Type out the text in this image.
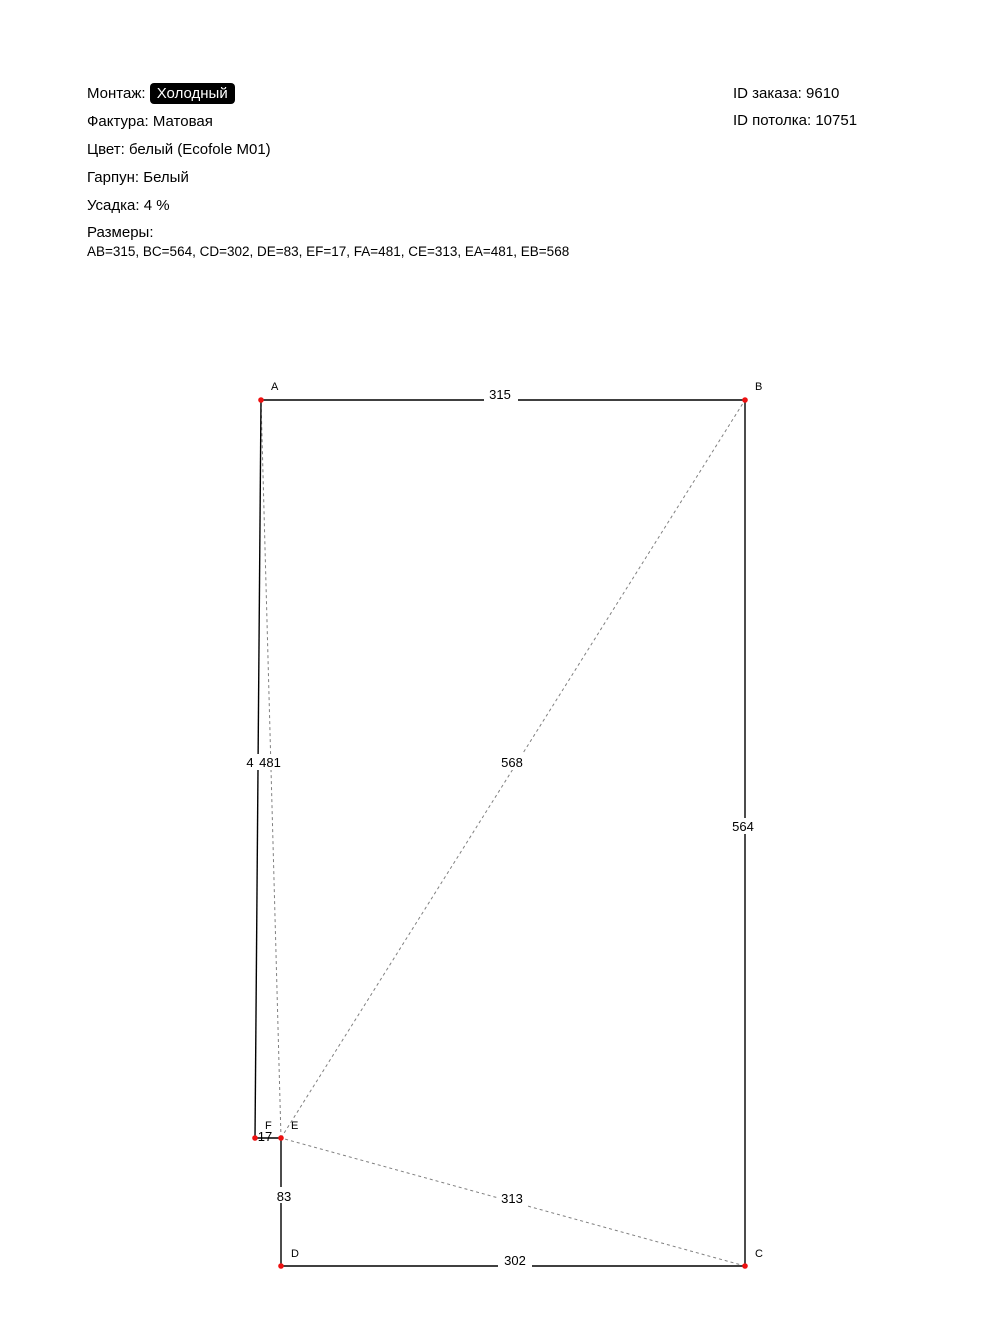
Монтаж: Холодный
Фактура: Матовая
Цвет: белый (Ecofole M01)
Гарпун: Белый
Усадка: 4 %
Размеры:
AB=315, BC=564, CD=302, DE=83, EF=17, FA=481, CE=313, EA=481, EB=568
ID заказа: 9610
ID потолка: 10751
315
564
302
83
17
4
313
481	568
A	B
C
D
E
F
